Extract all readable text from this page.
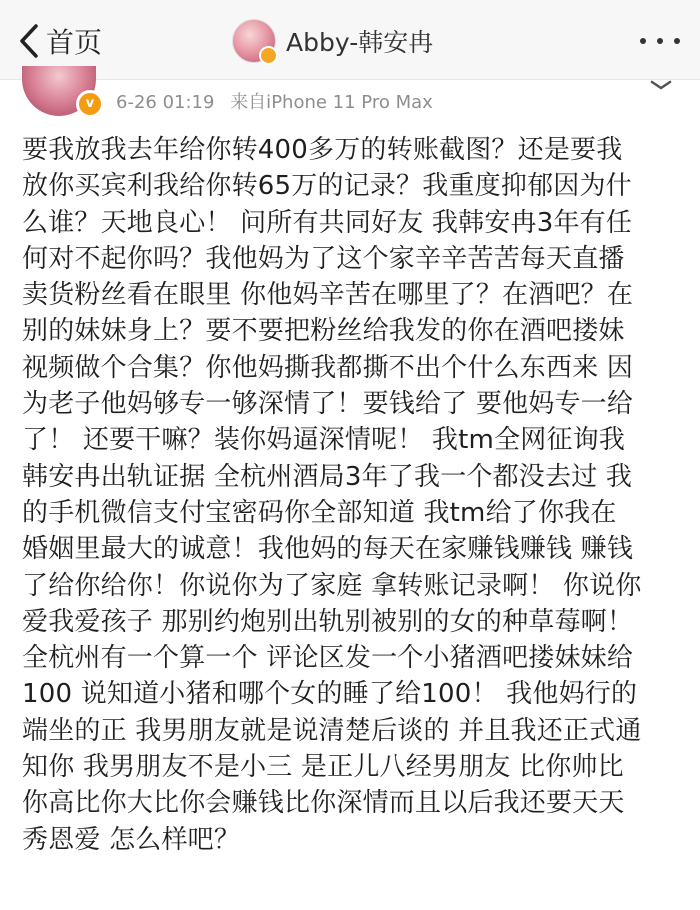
首页	Abby-韩安冉
v	6-26 01:19 来自iPhone 11 Pro Max
要我放我去年给你转400多万的转账截图？还是要我
放你买宾利我给你转65万的记录？我重度抑郁因为什
么谁？天地良心！ 问所有共同好友 我韩安冉3年有任
何对不起你吗？我他妈为了这个家辛辛苦苦每天直播
卖货粉丝看在眼里 你他妈辛苦在哪里了？在酒吧？在
别的妹妹身上？要不要把粉丝给我发的你在酒吧搂妹
视频做个合集？你他妈撕我都撕不出个什么东西来 因
为老子他妈够专一够深情了！要钱给了 要他妈专一给
了！ 还要干嘛？装你妈逼深情呢！ 我tm全网征询我
韩安冉出轨证据 全杭州酒局3年了我一个都没去过 我
的手机微信支付宝密码你全部知道 我tm给了你我在
婚姻里最大的诚意！我他妈的每天在家赚钱赚钱 赚钱
了给你给你！你说你为了家庭 拿转账记录啊！ 你说你
爱我爱孩子 那别约炮别出轨别被别的女的种草莓啊！
全杭州有一个算一个 评论区发一个小猪酒吧搂妹妹给
100 说知道小猪和哪个女的睡了给100！ 我他妈行的
端坐的正 我男朋友就是说清楚后谈的 并且我还正式通
知你 我男朋友不是小三 是正儿八经男朋友 比你帅比
你高比你大比你会赚钱比你深情而且以后我还要天天
秀恩爱 怎么样吧？
